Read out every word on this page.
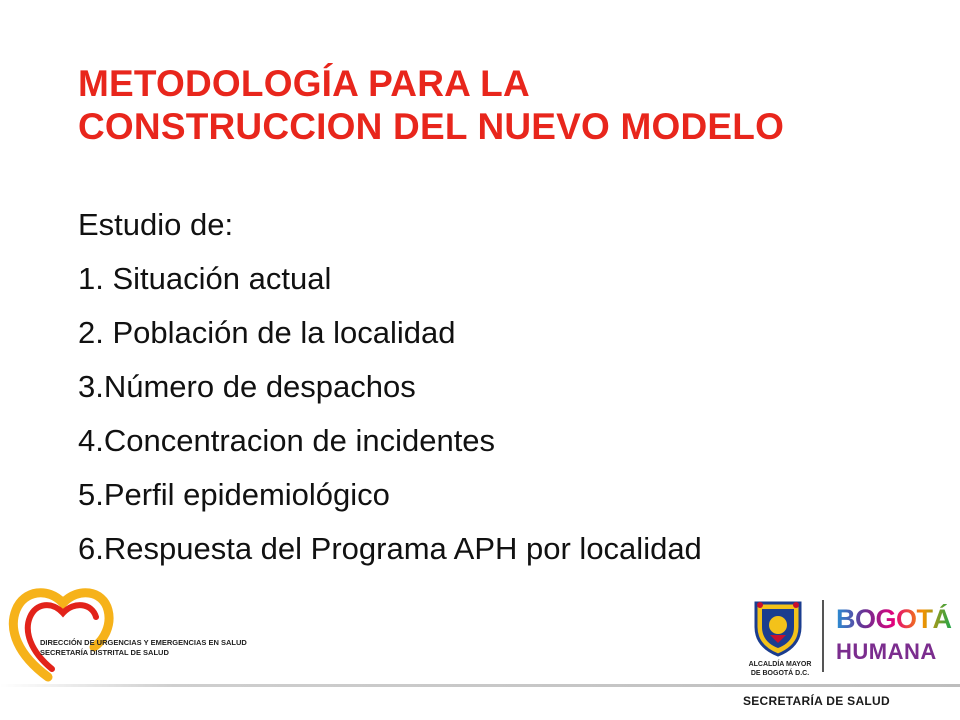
METODOLOGÍA PARA LA
CONSTRUCCION DEL NUEVO MODELO
Estudio de:
1. Situación actual
2. Población de la localidad
3.Número de despachos
4.Concentracion de incidentes
5.Perfil epidemiológico
6.Respuesta del Programa APH por localidad
DIRECCIÓN DE URGENCIAS Y EMERGENCIAS EN SALUD
SECRETARÍA DISTRITAL DE SALUD
ALCALDÍA MAYOR
DE BOGOTÁ D.C.
BOGOTÁ
HUMANA
SECRETARÍA DE SALUD
